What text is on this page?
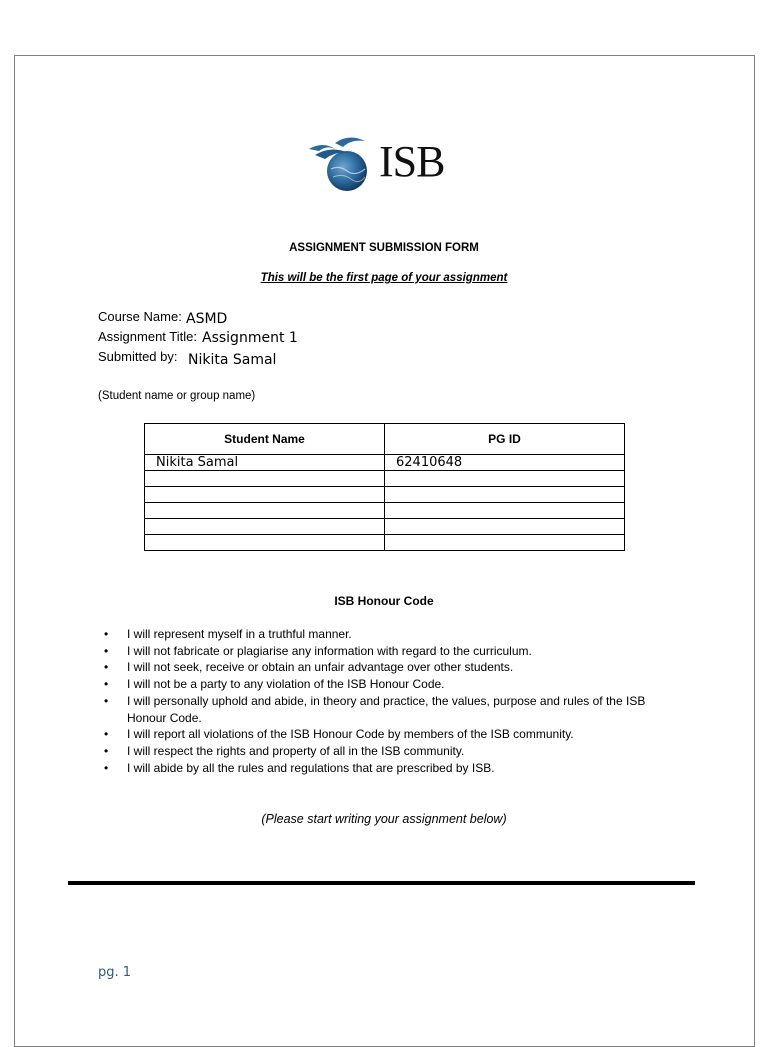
ISB
ASSIGNMENT SUBMISSION FORM
This will be the first page of your assignment
Course Name: ASMD
Assignment Title: Assignment 1
Submitted by: Nikita Samal
(Student name or group name)
Student Name	PG ID
Nikita Samal	62410648

ISB Honour Code
• I will represent myself in a truthful manner.
• I will not fabricate or plagiarise any information with regard to the curriculum.
• I will not seek, receive or obtain an unfair advantage over other students.
• I will not be a party to any violation of the ISB Honour Code.
• I will personally uphold and abide, in theory and practice, the values, purpose and rules of the ISB Honour Code.
• I will report all violations of the ISB Honour Code by members of the ISB community.
• I will respect the rights and property of all in the ISB community.
• I will abide by all the rules and regulations that are prescribed by ISB.
(Please start writing your assignment below)
pg. 1
